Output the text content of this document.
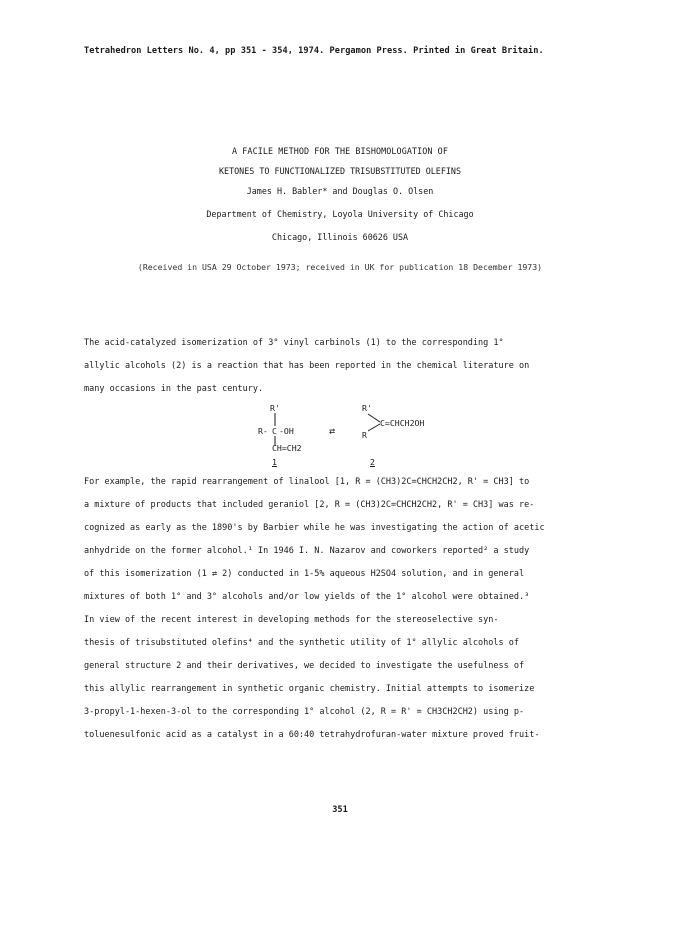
Tetrahedron Letters No. 4, pp 351 - 354, 1974. Pergamon Press. Printed in Great Britain.
A FACILE METHOD FOR THE BISHOMOLOGATION OF
KETONES TO FUNCTIONALIZED TRISUBSTITUTED OLEFINS
James H. Babler* and Douglas O. Olsen
Department of Chemistry, Loyola University of Chicago
Chicago, Illinois 60626 USA
(Received in USA 29 October 1973; received in UK for publication 18 December 1973)
The acid-catalyzed isomerization of 3° vinyl carbinols (1) to the corresponding 1°
allylic alcohols (2) is a reaction that has been reported in the chemical literature on
many occasions in the past century.
R'
R- C -OH
CH=CH2
⇄
R'
R
C=CHCH2OH
1	2
For example, the rapid rearrangement of linalool [1, R = (CH3)2C=CHCH2CH2, R' = CH3] to
a mixture of products that included geraniol [2, R = (CH3)2C=CHCH2CH2, R' = CH3] was re-
cognized as early as the 1890's by Barbier while he was investigating the action of acetic
anhydride on the former alcohol.¹ In 1946 I. N. Nazarov and coworkers reported² a study
of this isomerization (1 ⇄ 2) conducted in 1-5% aqueous H2SO4 solution, and in general
mixtures of both 1° and 3° alcohols and/or low yields of the 1° alcohol were obtained.³
In view of the recent interest in developing methods for the stereoselective syn-
thesis of trisubstituted olefins⁴ and the synthetic utility of 1° allylic alcohols of
general structure 2 and their derivatives, we decided to investigate the usefulness of
this allylic rearrangement in synthetic organic chemistry. Initial attempts to isomerize
3-propyl-1-hexen-3-ol to the corresponding 1° alcohol (2, R = R' = CH3CH2CH2) using p-
toluenesulfonic acid as a catalyst in a 60:40 tetrahydrofuran-water mixture proved fruit-
351
